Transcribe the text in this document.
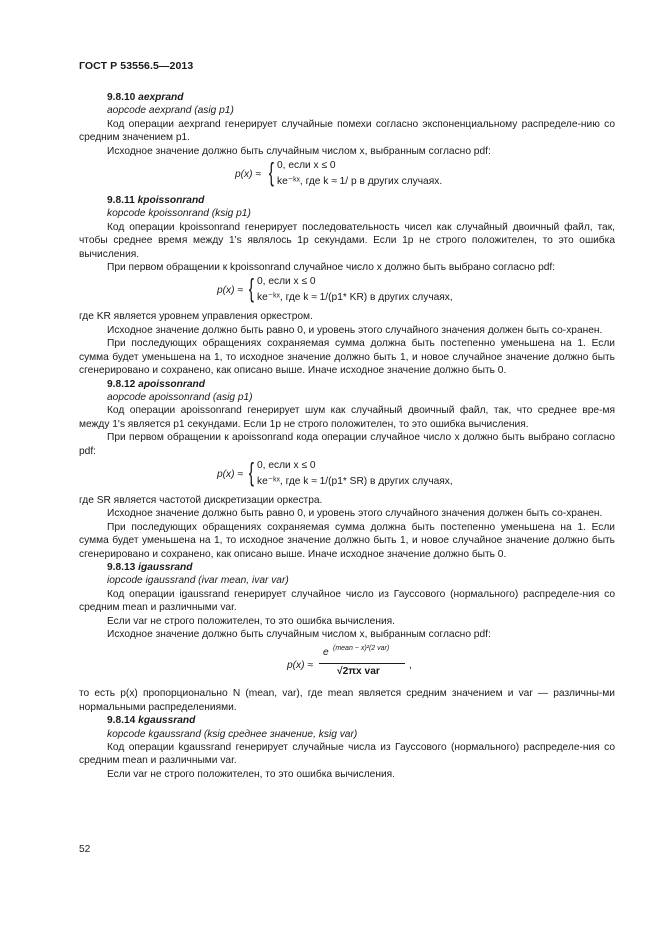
ГОСТ Р 53556.5—2013

9.8.10 aexprand

aopcode aexprand (asig p1)

Код операции aexprand генерирует случайные помехи согласно экспоненциальному распределе-нию со средним значением p1.

Исходное значение должно быть случайным числом x, выбранным согласно pdf:

p(x) ≈ { 0, если x ≤ 0
ke⁻ᵏˣ, где k ≈ 1/ p в других случаях.

9.8.11 kpoissonrand

kopcode kpoissonrand (ksig p1)

Код операции kpoissonrand генерирует последовательность чисел как случайный двоичный файл, так, чтобы среднее время между 1's являлось 1p секундами. Если 1p не строго положителен, то это ошибка вычисления.

При первом обращении к kpoissonrand случайное число x должно быть выбрано согласно pdf:

p(x) ≈ { 0, если x ≤ 0
ke⁻ᵏˣ, где k ≈ 1/(p1* KR) в других случаях,

где KR является уровнем управления оркестром.

Исходное значение должно быть равно 0, и уровень этого случайного значения должен быть со-хранен.

При последующих обращениях сохраняемая сумма должна быть постепенно уменьшена на 1. Если сумма будет уменьшена на 1, то исходное значение должно быть 1, и новое случайное значение должно быть сгенерировано и сохранено, как описано выше. Иначе исходное значение должно быть 0.

9.8.12 apoissonrand

aopcode apoissonrand (asig p1)

Код операции apoissonrand генерирует шум как случайный двоичный файл, так, что среднее вре-мя между 1's является p1 секундами. Если 1p не строго положителен, то это ошибка вычисления.

При первом обращении к apoissonrand кода операции случайное число x должно быть выбрано согласно pdf:

p(x) ≈ { 0, если x ≤ 0
ke⁻ᵏˣ, где k ≈ 1/(p1* SR) в других случаях,

где SR является частотой дискретизации оркестра.

Исходное значение должно быть равно 0, и уровень этого случайного значения должен быть со-хранен.

При последующих обращениях сохраняемая сумма должна быть постепенно уменьшена на 1. Если сумма будет уменьшена на 1, то исходное значение должно быть 1, и новое случайное значение должно быть сгенерировано и сохранено, как описано выше. Иначе исходное значение должно быть 0.

9.8.13 igaussrand

iopcode igaussrand (ivar mean, ivar var)

Код операции igaussrand генерирует случайное число из Гауссового (нормального) распределе-ния со средним mean и различными var.

Если var не строго положителен, то это ошибка вычисления.

Исходное значение должно быть случайным числом x, выбранным согласно pdf:

p(x) ≈
e (mean − x)²(2 var)
√2πx var
,

то есть p(x) пропорционально N (mean, var), где mean является средним значением и var — различны-ми нормальными распределениями.

9.8.14 kgaussrand

kopcode kgaussrand (ksig среднее значение, ksig var)

Код операции kgaussrand генерирует случайные числа из Гауссового (нормального) распределе-ния со средним mean и различными var.

Если var не строго положителен, то это ошибка вычисления.

52
